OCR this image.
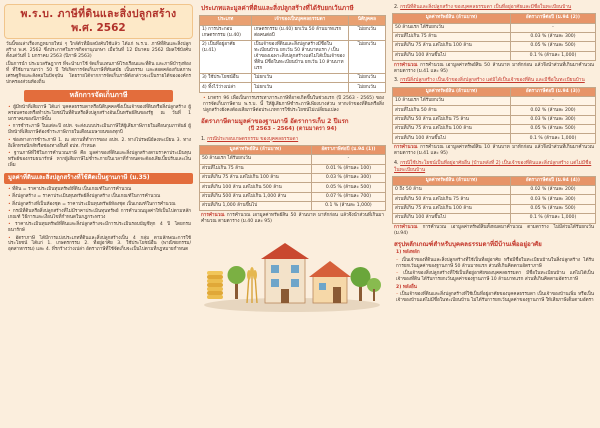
พ.ร.บ. ภาษีที่ดินและสิ่งปลูกสร้าง
พ.ศ. 2562
วันนี้ขอเล่าเรื่องกฎหมายใหม่ ๆ ใกล้ตัวที่มีผลบังคับใช้แล้ว ได้แก่ พ.ร.บ. ภาษีที่ดินและสิ่งปลูกสร้าง พ.ศ. 2562 ซึ่งประกาศในราชกิจจานุเบกษา เมื่อวันที่ 12 มีนาคม 2562 มีผลใช้บังคับตั้งแต่วันที่ 1 มกราคม 2563 (ปีภาษี 2563)
เป็นการนำ ประมวลรัษฎากร ที่จะนำมาใช้ จัดเก็บแทนภาษีโรงเรือนและที่ดิน และภาษีบำรุงท้องที่ ที่ใช้มานานกว่า 50 ปี ให้เกิดการจัดเก็บภาษีที่ทันสมัย เป็นธรรม และสอดคล้องกับสภาพเศรษฐกิจและสังคมในปัจจุบัน โดยรายได้จากการจัดเก็บภาษีดังกล่าวจะเป็นรายได้ขององค์กรปกครองส่วนท้องถิ่น
หลักการจัดเก็บภาษี
• ผู้มีหน้าที่เสียภาษี ได้แก่ บุคคลธรรมดาหรือนิติบุคคลซึ่งเป็นเจ้าของที่ดินหรือสิ่งปลูกสร้าง ผู้ครอบครองหรือทำประโยชน์ในที่ดินหรือสิ่งปลูกสร้างอันเป็นทรัพย์สินของรัฐ ณ วันที่ 1 มกราคมของปีภาษีนั้น
• การชำระภาษี ในแต่ละปี อปท. จะส่งแบบประเมินภาษีให้ผู้เสียภาษีภายในเดือนกุมภาพันธ์ ผู้มีหน้าที่เสียภาษีต้องชำระภาษีภายในเดือนเมษายนของทุกปี
• ช่องทางการชำระภาษี 1. ณ สถานที่ทำการของ อปท. 2. ทางไปรษณีย์ลงทะเบียน 3. ทางอิเล็กทรอนิกส์หรือช่องทางอื่นที่ อปท. กำหนด
• ฐานภาษีที่ใช้ในการคำนวณภาษี คือ มูลค่าของที่ดินและสิ่งปลูกสร้างตามราคาประเมินทุนทรัพย์ของกรมธนารักษ์ หากผู้เสียภาษีไม่ชำระภายในเวลาที่กำหนดจะต้องเสียเบี้ยปรับและเงินเพิ่ม
มูลค่าที่ดินและสิ่งปลูกสร้างที่ใช้คิดเป็นฐานภาษี (ม.35)
• ที่ดิน = ราคาประเมินทุนทรัพย์ที่ดิน เป็นเกณฑ์ในการคำนวณ
• สิ่งปลูกสร้าง = ราคาประเมินทุนทรัพย์สิ่งปลูกสร้าง เป็นเกณฑ์ในการคำนวณ
• สิ่งปลูกสร้างที่เป็นห้องชุด = ราคาประเมินทุนทรัพย์ห้องชุด เป็นเกณฑ์ในการคำนวณ
• กรณีที่ดินหรือสิ่งปลูกสร้างที่ไม่มีราคาประเมินทุนทรัพย์ การคำนวณมูลค่าให้เป็นไปตามหลักเกณฑ์ วิธีการและเงื่อนไขที่กำหนดในกฎกระทรวง
• ราคาประเมินทุนทรัพย์ที่ดินและสิ่งปลูกสร้างจะมีการประเมินรอบบัญชีทุก 4 ปี โดยกรมธนารักษ์
• อัตราภาษี ได้มีการแบ่งประเภทที่ดินและสิ่งปลูกสร้างเป็น 4 กลุ่ม ตามลักษณะการใช้ประโยชน์ ได้แก่ 1. เกษตรกรรม 2. ที่อยู่อาศัย 3. ใช้ประโยชน์อื่น (พาณิชยกรรม/อุตสาหกรรม) และ 4. ที่รกร้างว่างเปล่า อัตราภาษีที่ใช้จัดเก็บจะเป็นไปตามที่กฎหมายกำหนด
ประเภทและมูลค่าที่ดินและสิ่งปลูกสร้างที่ได้รับยกเว้นภาษี
ประเภท	เจ้าของเป็นบุคคลธรรมดา	นิติบุคคล
1) การประกอบเกษตรกรรม (ม.40)	เกษตรกรรม (ม.40) ยกเว้น 50 ล้านบาทแรก ต่อคนต่อปี	ไม่ยกเว้น
2) เป็นที่อยู่อาศัย (ม.41)	เป็นเจ้าของที่ดินและสิ่งปลูกสร้างมีชื่อในทะเบียนบ้าน ยกเว้น 50 ล้านบาทแรก / เป็นเจ้าของเฉพาะสิ่งปลูกสร้างแต่ไม่ได้เป็นเจ้าของที่ดิน มีชื่อในทะเบียนบ้าน ยกเว้น 10 ล้านบาทแรก	ไม่ยกเว้น
3) ใช้ประโยชน์อื่น	ไม่ยกเว้น	ไม่ยกเว้น
4) ทิ้งไว้ว่างเปล่า	ไม่ยกเว้น	ไม่ยกเว้น
• มาตรา 96 เพื่อเป็นการบรรเทาภาระภาษีที่อาจเกิดขึ้นในช่วงแรก (ปี 2563 - 2565) ของการจัดเก็บภาษีตาม พ.ร.บ. นี้ ให้ผู้เสียภาษีชำระภาษีเพียงบางส่วน หากเจ้าของที่ดินหรือสิ่งปลูกสร้างยังคงต้องเสียภาษีต่อประเภทการใช้ประโยชน์ไม่เปลี่ยนแปลง
อัตราภาษีตามมูลค่าของฐานภาษี อัตราการเก็บ 2 ปีแรก
(ปี 2563 - 2564) (ตามมาตรา 94)
1. กรณีประกอบเกษตรกรรม ของบุคคลธรรมดา
มูลค่าทรัพย์สิน (ล้านบาท)	อัตราภาษีต่อปี (ม.94 (1))
50 ล้านแรก ได้รับยกเว้น	-
ส่วนที่ไม่เกิน 75 ล้าน	0.01 % (ล้านละ 100)
ส่วนที่เกิน 75 ล้าน แต่ไม่เกิน 100 ล้าน	0.03 % (ล้านละ 300)
ส่วนที่เกิน 100 ล้าน แต่ไม่เกิน 500 ล้าน	0.05 % (ล้านละ 500)
ส่วนที่เกิน 500 ล้าน แต่ไม่เกิน 1,000 ล้าน	0.07 % (ล้านละ 700)
ส่วนที่เกิน 1,000 ล้านขึ้นไป	0.1 % (ล้านละ 1,000)
การคำนวณ การคำนวณ เอามูลค่าทรัพย์สิน 50 ล้านบาท มาหักก่อน แล้วจึงนำส่วนที่เกินมาคำนวณ ตามตาราง (ม.40 และ 95)
2. กรณีที่ดินและสิ่งปลูกสร้าง ของบุคคลธรรมดา เป็นที่อยู่อาศัยและมีชื่อในทะเบียนบ้าน
มูลค่าทรัพย์สิน (ล้านบาท)	อัตราภาษีต่อปี (ม.94 (2))
50 ล้านแรก ได้รับยกเว้น	-
ส่วนที่ไม่เกิน 75 ล้าน	0.03 % (ล้านละ 300)
ส่วนที่เกิน 75 ล้าน แต่ไม่เกิน 100 ล้าน	0.05 % (ล้านละ 500)
ส่วนที่เกิน 100 ล้านขึ้นไป	0.1 % (ล้านละ 1,000)
การคำนวณ การคำนวณ เอามูลค่าทรัพย์สิน 50 ล้านบาท มาหักก่อน แล้วจึงนำส่วนที่เกินมาคำนวณ ตามตาราง (ม.41 และ 95)
3. กรณีสิ่งปลูกสร้าง เป็นเจ้าของสิ่งปลูกสร้าง แต่มิได้เป็นเจ้าของที่ดิน และมีชื่อในทะเบียนบ้าน
มูลค่าทรัพย์สิน (ล้านบาท)	อัตราภาษีต่อปี (ม.94 (3))
10 ล้านแรก ได้รับยกเว้น	-
ส่วนที่ไม่เกิน 50 ล้าน	0.02 % (ล้านละ 200)
ส่วนที่เกิน 50 ล้าน แต่ไม่เกิน 75 ล้าน	0.03 % (ล้านละ 300)
ส่วนที่เกิน 75 ล้าน แต่ไม่เกิน 100 ล้าน	0.05 % (ล้านละ 500)
ส่วนที่เกิน 100 ล้านขึ้นไป	0.1 % (ล้านละ 1,000)
การคำนวณ การคำนวณ เอามูลค่าทรัพย์สิน 10 ล้านบาท มาหักก่อน แล้วจึงนำส่วนที่เกินมาคำนวณ ตามตาราง (ม.41 และ 95)
4. กรณีใช้ประโยชน์เป็นที่อยู่อาศัยอื่น (บ้านหลังที่ 2) เป็นเจ้าของที่ดินและสิ่งปลูกสร้าง แต่ไม่มีชื่อในทะเบียนบ้าน
มูลค่าทรัพย์สิน (ล้านบาท)	อัตราภาษีต่อปี (ม.94 (4))
0 ถึง 50 ล้าน	0.02 % (ล้านละ 200)
ส่วนที่เกิน 50 ล้าน แต่ไม่เกิน 75 ล้าน	0.03 % (ล้านละ 300)
ส่วนที่เกิน 75 ล้าน แต่ไม่เกิน 100 ล้าน	0.05 % (ล้านละ 500)
ส่วนที่เกิน 100 ล้านขึ้นไป	0.1 % (ล้านละ 1,000)
การคำนวณ การคำนวณ เอามูลค่าทรัพย์สินทั้งหมดมาคำนวณ ตามตาราง ไม่มีส่วนได้รับยกเว้น (ม.94)
สรุปหลักเกณฑ์สำหรับบุคคลธรรมดาที่มีบ้านเพื่ออยู่อาศัย
1) หลังหลัก
– เป็นเจ้าของที่ดินและสิ่งปลูกสร้างที่ใช้เป็นที่อยู่อาศัย หรือมีชื่อในทะเบียนบ้านในสิ่งปลูกสร้าง ได้รับการยกเว้นมูลค่าของฐานภาษี 50 ล้านบาทแรก ส่วนที่เกินคิดตามอัตราภาษี
– เป็นเจ้าของสิ่งปลูกสร้างที่ใช้เป็นที่อยู่อาศัยของบุคคลธรรมดา มีชื่อในทะเบียนบ้าน แต่ไม่ได้เป็นเจ้าของที่ดิน ได้รับการยกเว้นมูลค่าของฐานภาษี 10 ล้านบาทแรก ส่วนที่เกินคิดตามอัตราภาษี
2) หลังอื่น
– เป็นเจ้าของที่ดินและสิ่งปลูกสร้างที่ใช้เป็นที่อยู่อาศัยของบุคคลธรรมดา เป็นเจ้าของบ้านเพิ่ม หรือเป็นเจ้าของบ้านแต่ไม่มีชื่อในทะเบียนบ้าน ไม่ได้รับการยกเว้นมูลค่าของฐานภาษี ให้เสียภาษีเต็มตามอัตรา
